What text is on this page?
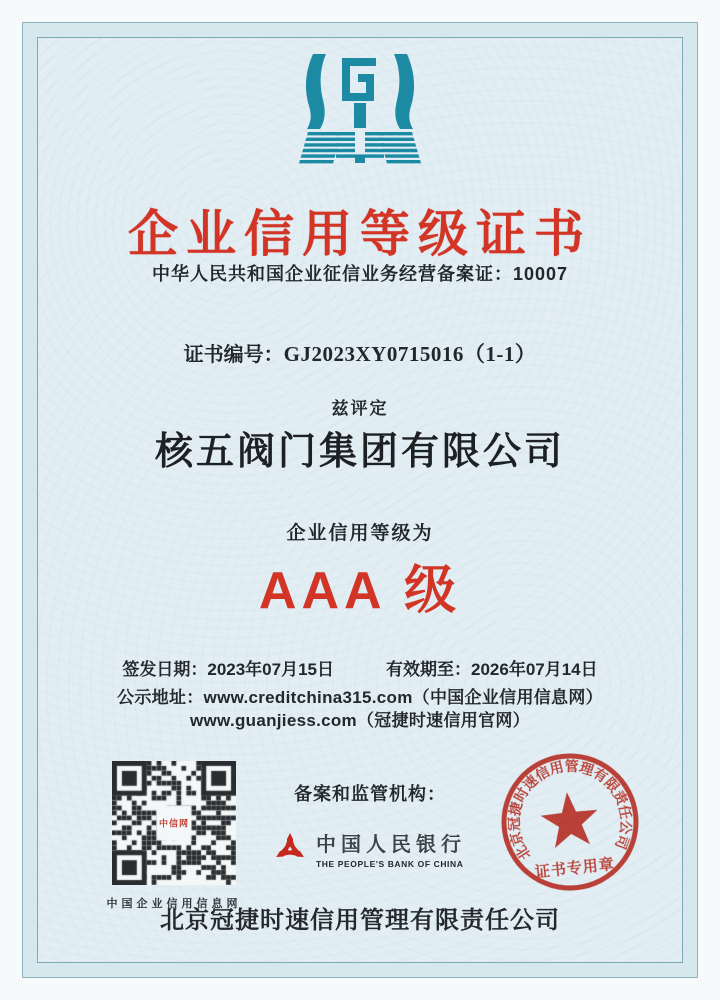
企业信用等级证书
中华人民共和国企业征信业务经营备案证：10007
证书编号：GJ2023XY0715016（1-1）
兹评定
核五阀门集团有限公司
企业信用等级为
AAA 级
签发日期：2023年07月15日	有效期至：2026年07月14日
公示地址：www.creditchina315.com（中国企业信用信息网）
www.guanjiess.com（冠捷时速信用官网）
中信网
中国企业信用信息网
备案和监管机构：
中国人民银行
THE PEOPLE'S BANK OF CHINA
北京冠捷时速信用管理有限责任公司
证书专用章
北京冠捷时速信用管理有限责任公司
